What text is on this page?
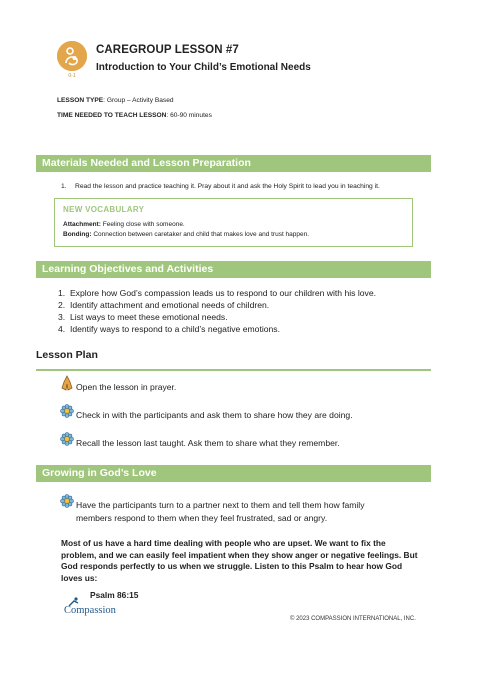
0-1
CAREGROUP LESSON #7
Introduction to Your Child’s Emotional Needs
LESSON TYPE: Group – Activity Based
TIME NEEDED TO TEACH LESSON: 60-90 minutes
Materials Needed and Lesson Preparation
1. Read the lesson and practice teaching it. Pray about it and ask the Holy Spirit to lead you in teaching it.
NEW VOCABULARY
Attachment: Feeling close with someone.
Bonding: Connection between caretaker and child that makes love and trust happen.
Learning Objectives and Activities
1.  Explore how God’s compassion leads us to respond to our children with his love.
2.  Identify attachment and emotional needs of children.
3.  List ways to meet these emotional needs.
4.  Identify ways to respond to a child’s negative emotions.
Lesson Plan
Open the lesson in prayer.
Check in with the participants and ask them to share how they are doing.
Recall the lesson last taught. Ask them to share what they remember.
Growing in God’s Love
Have the participants turn to a partner next to them and tell them how family
members respond to them when they feel frustrated, sad or angry.
Most of us have a hard time dealing with people who are upset. We want to fix the
problem, and we can easily feel impatient when they show anger or negative feelings. But
God responds perfectly to us when we struggle. Listen to this Psalm to hear how God
loves us:
Psalm 86:15
Compassion
© 2023 COMPASSION INTERNATIONAL, INC.
